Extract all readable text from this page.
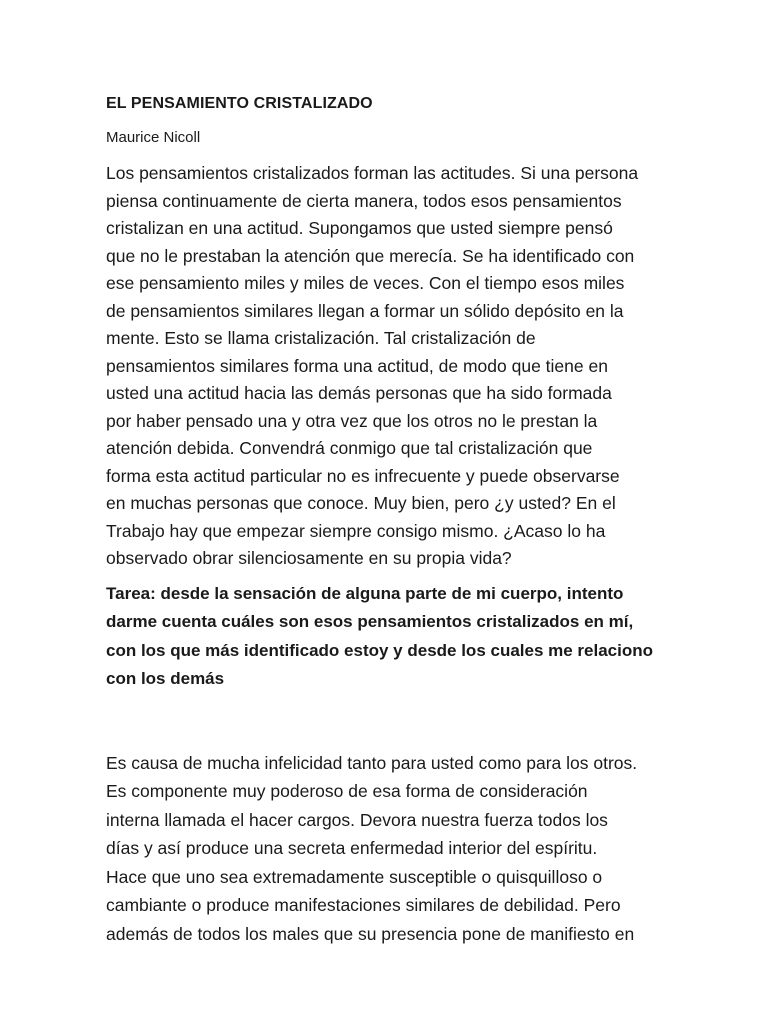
EL PENSAMIENTO CRISTALIZADO

Maurice Nicoll

Los pensamientos cristalizados forman las actitudes. Si una persona
piensa continuamente de cierta manera, todos esos pensamientos
cristalizan en una actitud. Supongamos que usted siempre pensó
que no le prestaban la atención que merecía. Se ha identificado con
ese pensamiento miles y miles de veces. Con el tiempo esos miles
de pensamientos similares llegan a formar un sólido depósito en la
mente. Esto se llama cristalización. Tal cristalización de
pensamientos similares forma una actitud, de modo que tiene en
usted una actitud hacia las demás personas que ha sido formada
por haber pensado una y otra vez que los otros no le prestan la
atención debida. Convendrá conmigo que tal cristalización que
forma esta actitud particular no es infrecuente y puede observarse
en muchas personas que conoce. Muy bien, pero ¿y usted? En el
Trabajo hay que empezar siempre consigo mismo. ¿Acaso lo ha
observado obrar silenciosamente en su propia vida?
Tarea: desde la sensación de alguna parte de mi cuerpo, intento
darme cuenta cuáles son esos pensamientos cristalizados en mí,
con los que más identificado estoy y desde los cuales me relaciono
con los demás
Es causa de mucha infelicidad tanto para usted como para los otros.
Es componente muy poderoso de esa forma de consideración
interna llamada el hacer cargos. Devora nuestra fuerza todos los
días y así produce una secreta enfermedad interior del espíritu.
Hace que uno sea extremadamente susceptible o quisquilloso o
cambiante o produce manifestaciones similares de debilidad. Pero
además de todos los males que su presencia pone de manifiesto en
